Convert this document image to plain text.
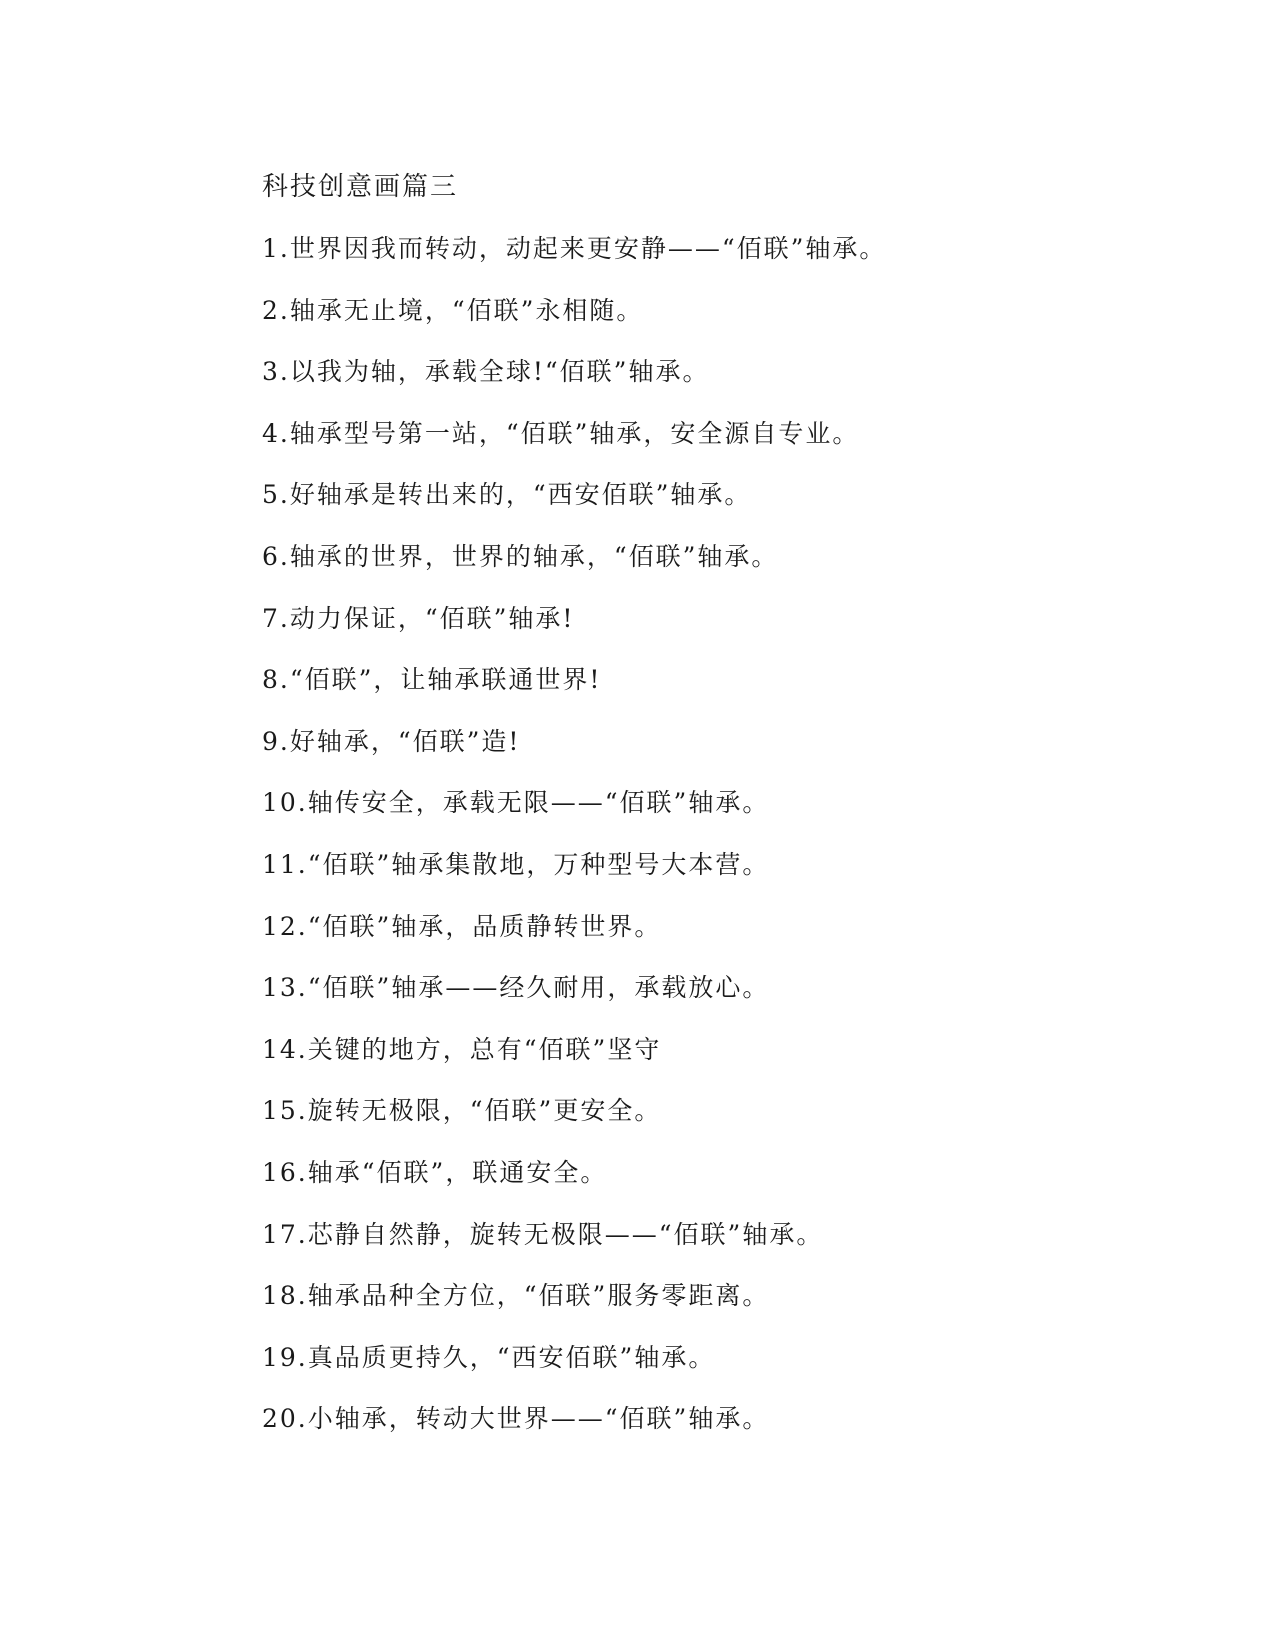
科技创意画篇三
1.世界因我而转动，动起来更安静——“佰联”轴承。
2.轴承无止境，“佰联”永相随。
3.以我为轴，承载全球!“佰联”轴承。
4.轴承型号第一站，“佰联”轴承，安全源自专业。
5.好轴承是转出来的，“西安佰联”轴承。
6.轴承的世界，世界的轴承，“佰联”轴承。
7.动力保证，“佰联”轴承!
8.“佰联”，让轴承联通世界!
9.好轴承，“佰联”造!
10.轴传安全，承载无限——“佰联”轴承。
11.“佰联”轴承集散地，万种型号大本营。
12.“佰联”轴承，品质静转世界。
13.“佰联”轴承——经久耐用，承载放心。
14.关键的地方，总有“佰联”坚守
15.旋转无极限，“佰联”更安全。
16.轴承“佰联”，联通安全。
17.芯静自然静，旋转无极限——“佰联”轴承。
18.轴承品种全方位，“佰联”服务零距离。
19.真品质更持久，“西安佰联”轴承。
20.小轴承，转动大世界——“佰联”轴承。
